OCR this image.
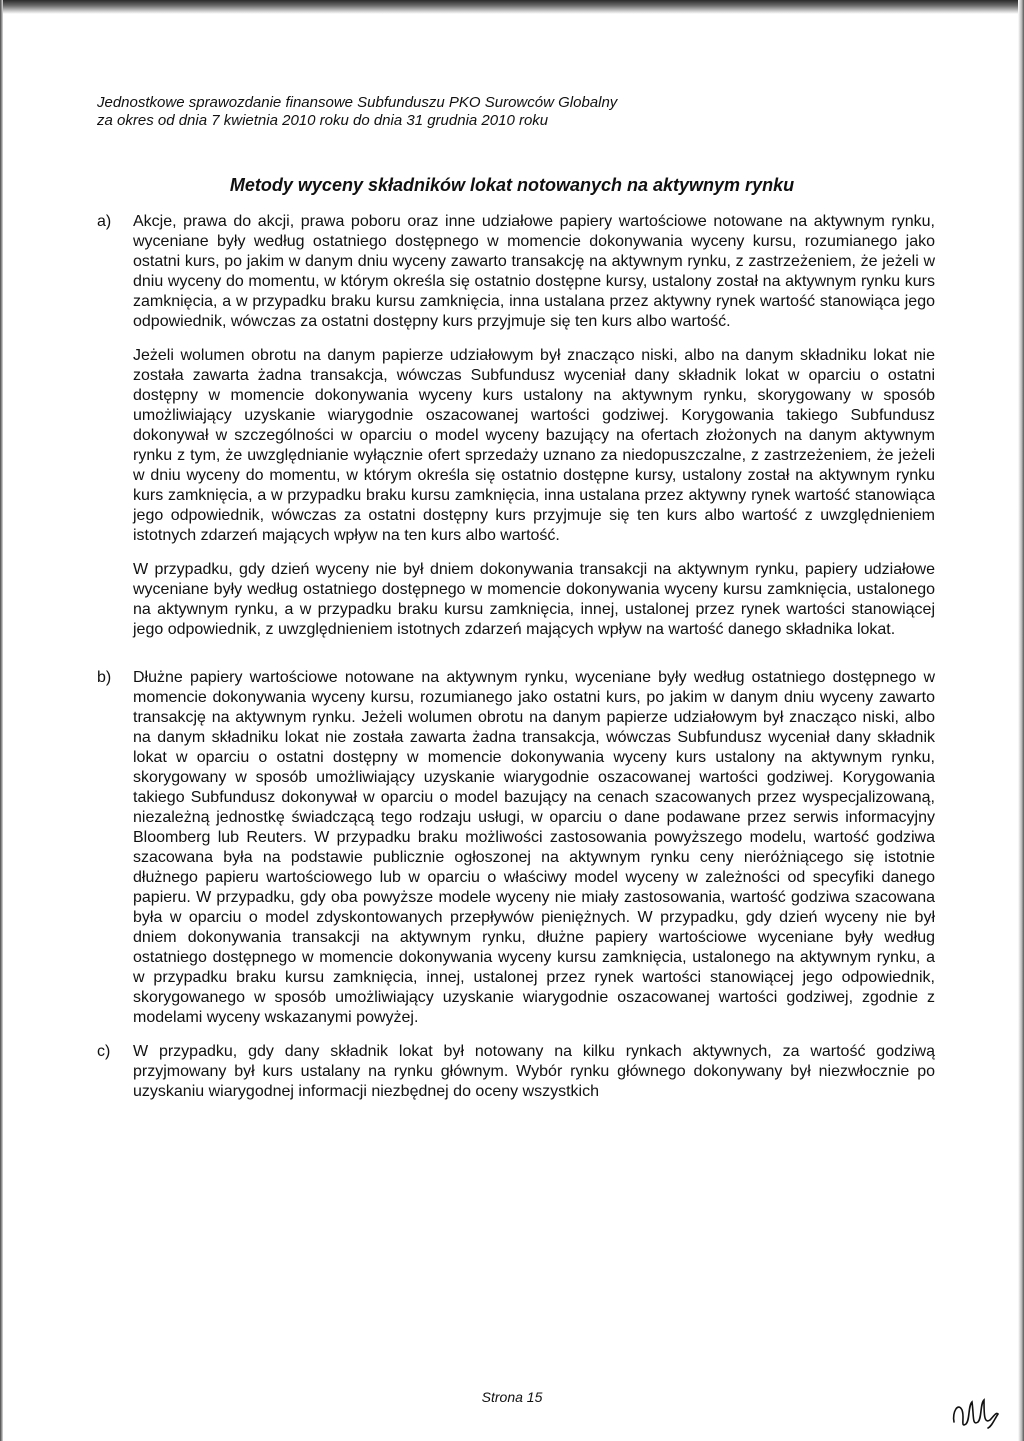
Jednostkowe sprawozdanie finansowe Subfunduszu PKO Surowców Globalny
za okres od dnia 7 kwietnia 2010 roku do dnia 31 grudnia 2010 roku
Metody wyceny składników lokat notowanych na aktywnym rynku
a) Akcje, prawa do akcji, prawa poboru oraz inne udziałowe papiery wartościowe notowane na aktywnym rynku, wyceniane były według ostatniego dostępnego w momencie dokonywania wyceny kursu, rozumianego jako ostatni kurs, po jakim w danym dniu wyceny zawarto transakcję na aktywnym rynku, z zastrzeżeniem, że jeżeli w dniu wyceny do momentu, w którym określa się ostatnio dostępne kursy, ustalony został na aktywnym rynku kurs zamknięcia, a w przypadku braku kursu zamknięcia, inna ustalana przez aktywny rynek wartość stanowiąca jego odpowiednik, wówczas za ostatni dostępny kurs przyjmuje się ten kurs albo wartość.

Jeżeli wolumen obrotu na danym papierze udziałowym był znacząco niski, albo na danym składniku lokat nie została zawarta żadna transakcja, wówczas Subfundusz wyceniał dany składnik lokat w oparciu o ostatni dostępny w momencie dokonywania wyceny kurs ustalony na aktywnym rynku, skorygowany w sposób umożliwiający uzyskanie wiarygodnie oszacowanej wartości godziwej. Korygowania takiego Subfundusz dokonywał w szczególności w oparciu o model wyceny bazujący na ofertach złożonych na danym aktywnym rynku z tym, że uwzględnianie wyłącznie ofert sprzedaży uznano za niedopuszczalne, z zastrzeżeniem, że jeżeli w dniu wyceny do momentu, w którym określa się ostatnio dostępne kursy, ustalony został na aktywnym rynku kurs zamknięcia, a w przypadku braku kursu zamknięcia, inna ustalana przez aktywny rynek wartość stanowiąca jego odpowiednik, wówczas za ostatni dostępny kurs przyjmuje się ten kurs albo wartość z uwzględnieniem istotnych zdarzeń mających wpływ na ten kurs albo wartość.

W przypadku, gdy dzień wyceny nie był dniem dokonywania transakcji na aktywnym rynku, papiery udziałowe wyceniane były według ostatniego dostępnego w momencie dokonywania wyceny kursu zamknięcia, ustalonego na aktywnym rynku, a w przypadku braku kursu zamknięcia, innej, ustalonej przez rynek wartości stanowiącej jego odpowiednik, z uwzględnieniem istotnych zdarzeń mających wpływ na wartość danego składnika lokat.

b) Dłużne papiery wartościowe notowane na aktywnym rynku, wyceniane były według ostatniego dostępnego w momencie dokonywania wyceny kursu, rozumianego jako ostatni kurs, po jakim w danym dniu wyceny zawarto transakcję na aktywnym rynku. Jeżeli wolumen obrotu na danym papierze udziałowym był znacząco niski, albo na danym składniku lokat nie została zawarta żadna transakcja, wówczas Subfundusz wyceniał dany składnik lokat w oparciu o ostatni dostępny w momencie dokonywania wyceny kurs ustalony na aktywnym rynku, skorygowany w sposób umożliwiający uzyskanie wiarygodnie oszacowanej wartości godziwej. Korygowania takiego Subfundusz dokonywał w oparciu o model bazujący na cenach szacowanych przez wyspecjalizowaną, niezależną jednostkę świadczącą tego rodzaju usługi, w oparciu o dane podawane przez serwis informacyjny Bloomberg lub Reuters. W przypadku braku możliwości zastosowania powyższego modelu, wartość godziwa szacowana była na podstawie publicznie ogłoszonej na aktywnym rynku ceny nieróżniącego się istotnie dłużnego papieru wartościowego lub w oparciu o właściwy model wyceny w zależności od specyfiki danego papieru. W przypadku, gdy oba powyższe modele wyceny nie miały zastosowania, wartość godziwa szacowana była w oparciu o model zdyskontowanych przepływów pieniężnych. W przypadku, gdy dzień wyceny nie był dniem dokonywania transakcji na aktywnym rynku, dłużne papiery wartościowe wyceniane były według ostatniego dostępnego w momencie dokonywania wyceny kursu zamknięcia, ustalonego na aktywnym rynku, a w przypadku braku kursu zamknięcia, innej, ustalonej przez rynek wartości stanowiącej jego odpowiednik, skorygowanego w sposób umożliwiający uzyskanie wiarygodnie oszacowanej wartości godziwej, zgodnie z modelami wyceny wskazanymi powyżej.

c) W przypadku, gdy dany składnik lokat był notowany na kilku rynkach aktywnych, za wartość godziwą przyjmowany był kurs ustalany na rynku głównym. Wybór rynku głównego dokonywany był niezwłocznie po uzyskaniu wiarygodnej informacji niezbędnej do oceny wszystkich

Strona 15
